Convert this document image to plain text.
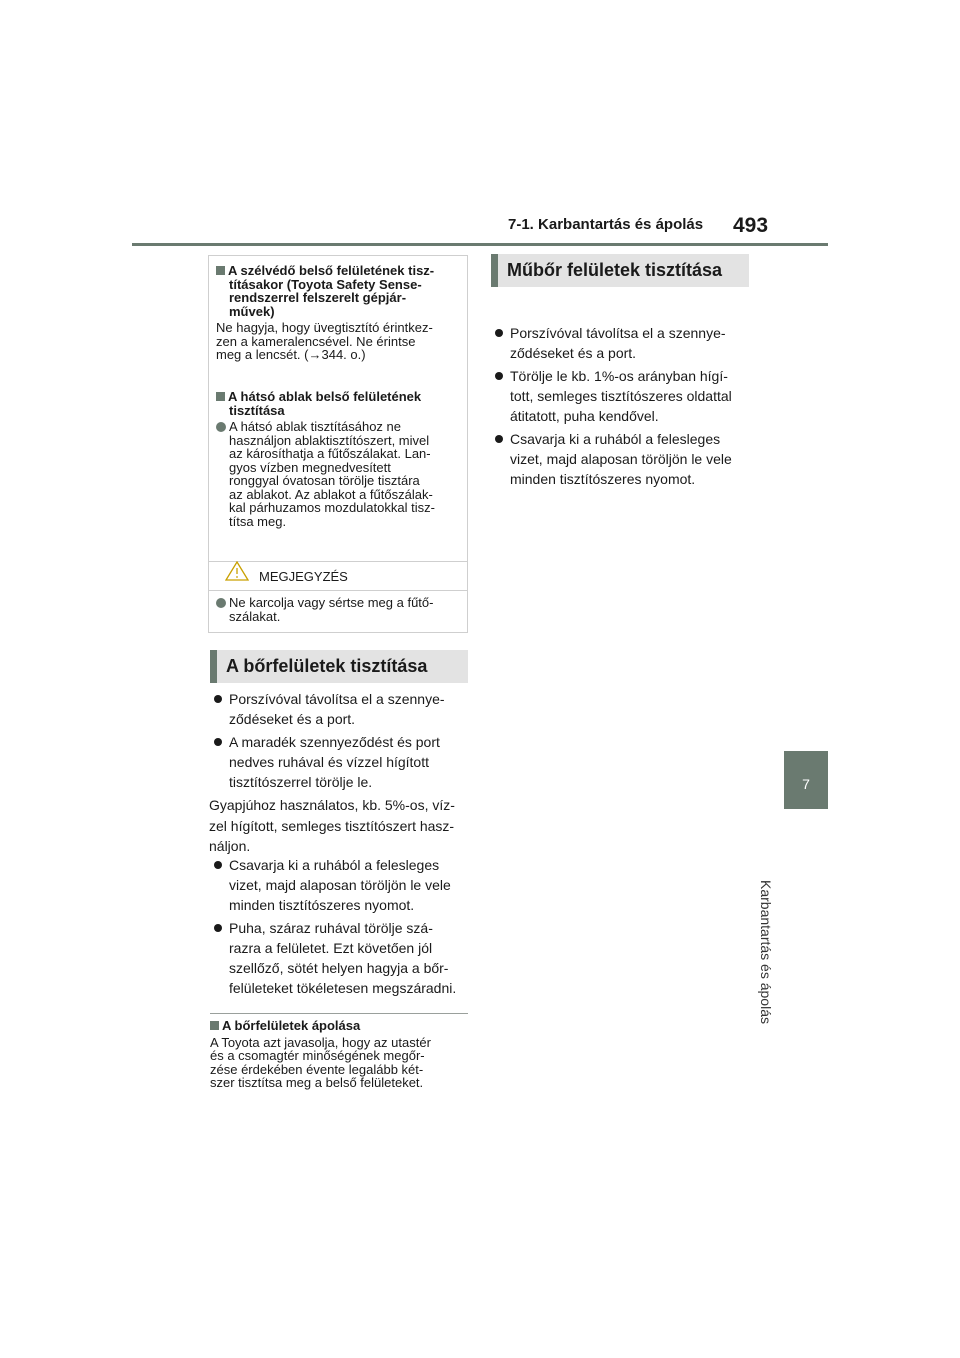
7-1. Karbantartás és ápolás 493
7
Karbantartás és ápolás
A szélvédő belső felületének tisz-
tításakor (Toyota Safety Sense-
rendszerrel felszerelt gépjár-
művek)
Ne hagyja, hogy üvegtisztító érintkez-
zen a kameralencsével. Ne érintse
meg a lencsét. (→344. o.)
A hátsó ablak belső felületének
tisztítása
A hátsó ablak tisztításához ne
használjon ablaktisztítószert, mivel
az károsíthatja a fűtőszálakat. Lan-
gyos vízben megnedvesített
ronggyal óvatosan törölje tisztára
az ablakot. Az ablakot a fűtőszálak-
kal párhuzamos mozdulatokkal tisz-
títsa meg.
MEGJEGYZÉS
Ne karcolja vagy sértse meg a fűtő-
szálakat.
A bőrfelületek tisztítása
Porszívóval távolítsa el a szennye-
ződéseket és a port.
A maradék szennyeződést és port
nedves ruhával és vízzel hígított
tisztítószerrel törölje le.
Gyapjúhoz használatos, kb. 5%-os, víz-
zel hígított, semleges tisztítószert hasz-
náljon.
Csavarja ki a ruhából a felesleges
vizet, majd alaposan töröljön le vele
minden tisztítószeres nyomot.
Puha, száraz ruhával törölje szá-
razra a felületet. Ezt követően jól
szellőző, sötét helyen hagyja a bőr-
felületeket tökéletesen megszáradni.
A bőrfelületek ápolása
A Toyota azt javasolja, hogy az utastér
és a csomagtér minőségének megőr-
zése érdekében évente legalább két-
szer tisztítsa meg a belső felületeket.
Műbőr felületek tisztítása
Porszívóval távolítsa el a szennye-
ződéseket és a port.
Törölje le kb. 1%-os arányban hígí-
tott, semleges tisztítószeres oldattal
átitatott, puha kendővel.
Csavarja ki a ruhából a felesleges
vizet, majd alaposan töröljön le vele
minden tisztítószeres nyomot.
